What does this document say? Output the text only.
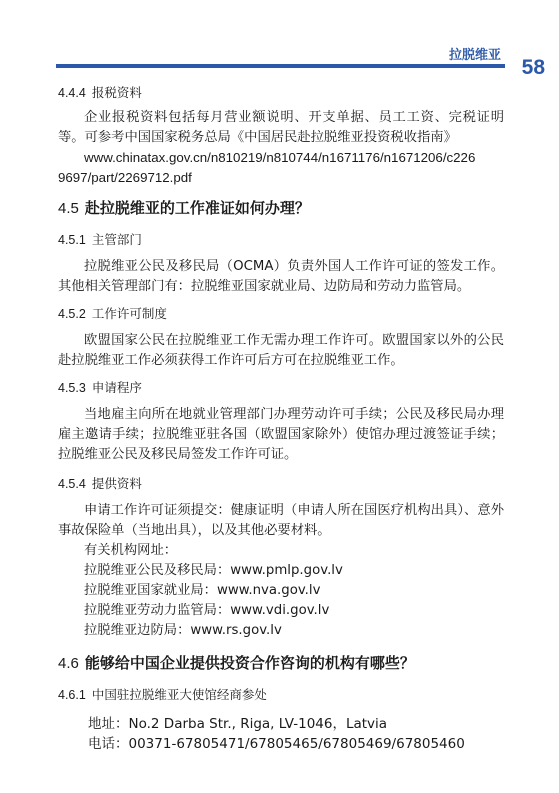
拉脱维亚
58

4.4.4 报税资料

企业报税资料包括每月营业额说明、开支单据、员工工资、完税证明等。可参考中国国家税务总局《中国居民赴拉脱维亚投资税收指南》

www.chinatax.gov.cn/n810219/n810744/n1671176/n1671206/c226

9697/part/2269712.pdf

4.5 赴拉脱维亚的工作准证如何办理？

4.5.1 主管部门

拉脱维亚公民及移民局（OCMA）负责外国人工作许可证的签发工作。其他相关管理部门有：拉脱维亚国家就业局、边防局和劳动力监管局。

4.5.2 工作许可制度

欧盟国家公民在拉脱维亚工作无需办理工作许可。欧盟国家以外的公民赴拉脱维亚工作必须获得工作许可后方可在拉脱维亚工作。

4.5.3 申请程序

当地雇主向所在地就业管理部门办理劳动许可手续；公民及移民局办理雇主邀请手续；拉脱维亚驻各国（欧盟国家除外）使馆办理过渡签证手续；拉脱维亚公民及移民局签发工作许可证。

4.5.4 提供资料

申请工作许可证须提交：健康证明（申请人所在国医疗机构出具）、意外事故保险单（当地出具），以及其他必要材料。

有关机构网址：

拉脱维亚公民及移民局：www.pmlp.gov.lv

拉脱维亚国家就业局：www.nva.gov.lv

拉脱维亚劳动力监管局：www.vdi.gov.lv

拉脱维亚边防局：www.rs.gov.lv

4.6 能够给中国企业提供投资合作咨询的机构有哪些？

4.6.1 中国驻拉脱维亚大使馆经商参处

地址：No.2 Darba Str., Riga, LV-1046，Latvia

电话：00371-67805471/67805465/67805469/67805460
